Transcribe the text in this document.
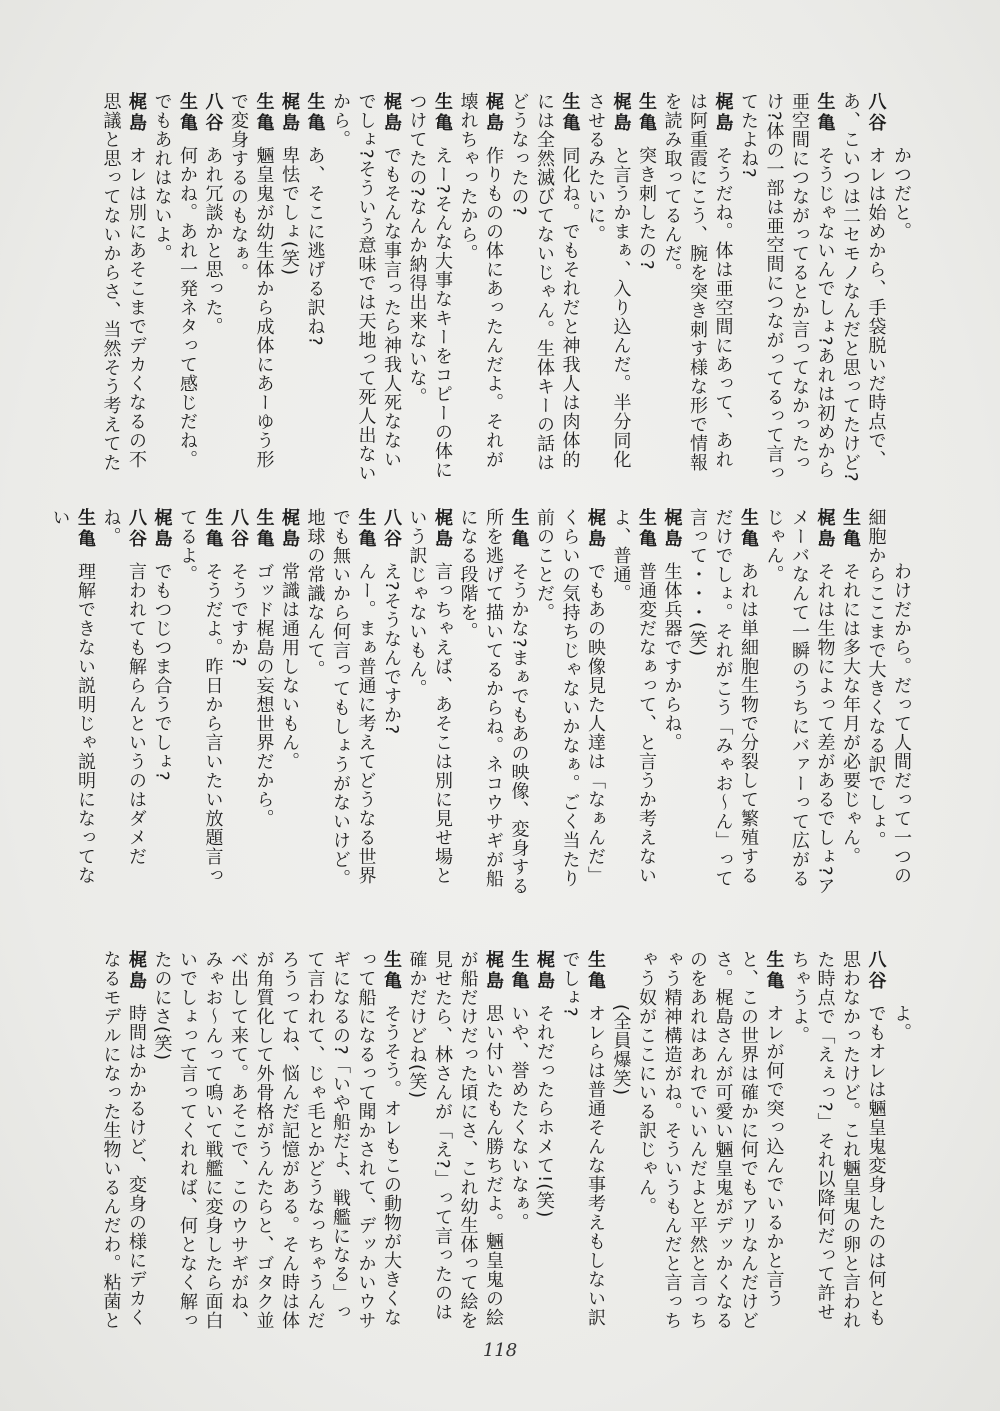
かつだと。
八谷オレは始めから、手袋脱いだ時点で、あ、こいつは二セモノなんだと思ってたけど?
生亀そうじゃないんでしょ?あれは初めから亜空間につながってるとか言ってなかったっけ?体の一部は亜空間につながってるって言ってたよね?
梶島そうだね。体は亜空間にあって、あれは阿重霞にこう、腕を突き刺す様な形で情報を読み取ってるんだ。
生亀突き刺したの?
梶島と言うかまぁ、入り込んだ。半分同化させるみたいに。
生亀同化ね。でもそれだと神我人は肉体的には全然滅びてないじゃん。生体キーの話はどうなったの?
梶島作りものの体にあったんだよ。それが壊れちゃったから。
生亀えー?そんな大事なキーをコピーの体につけてたの?なんか納得出来ないな。
梶島でもそんな事言ったら神我人死なないでしょ?そういう意味では天地って死人出ないから。
生亀あ、そこに逃げる訳ね?
梶島卑怯でしょ(笑)
生亀魎皇鬼が幼生体から成体にあーゆう形で変身するのもなぁ。
八谷あれ冗談かと思った。
生亀何かね。あれ一発ネタって感じだね。でもあれはないよ。
梶島オレは別にあそこまでデカくなるの不思議と思ってないからさ、当然そう考えてた
わけだから。だって人間だって一つの細胞からここまで大きくなる訳でしょ。
生亀それには多大な年月が必要じゃん。
梶島それは生物によって差があるでしょ?アメーバなんて一瞬のうちにバァーって広がるじゃん。
生亀あれは単細胞生物で分裂して繁殖するだけでしょ。それがこう「みゃお〜ん」って言って・・・(笑)
梶島生体兵器ですからね。
生亀普通変だなぁって、と言うか考えないよ、普通。
梶島でもあの映像見た人達は「なぁんだ」くらいの気持ちじゃないかなぁ。ごく当たり前のことだ。
生亀そうかな?まぁでもあの映像、変身する所を逃げて描いてるからね。ネコウサギが船になる段階を。
梶島言っちゃえば、あそこは別に見せ場という訳じゃないもん。
八谷え?そうなんですか?
生亀んー。まぁ普通に考えてどうなる世界でも無いから何言ってもしょうがないけど。地球の常識なんて。
梶島常識は通用しないもん。
生亀ゴッド梶島の妄想世界だから。
八谷そうですか?
生亀そうだよ。昨日から言いたい放題言ってるよ。
梶島でもつじつま合うでしょ?
八谷言われても解らんというのはダメだね。
生亀理解できない説明じゃ説明になってない
よ。
八谷でもオレは魎皇鬼変身したのは何とも思わなかったけど。これ魎皇鬼の卵と言われた時点で「えぇっ?」それ以降何だって許せちゃうよ。
生亀オレが何で突っ込んでいるかと言うと、この世界は確かに何でもアリなんだけどさ。梶島さんが可愛い魎皇鬼がデッかくなるのをあれはあれでいいんだよと平然と言っちゃう精神構造がね。そういうもんだと言っちゃう奴がここにいる訳じゃん。
(全員爆笑)
生亀オレらは普通そんな事考えもしない訳でしょ?
梶島それだったらホメて!(笑)
生亀いや、誉めたくないなぁ。
梶島思い付いたもん勝ちだよ。魎皇鬼の絵が船だけだった頃にさ、これ幼生体って絵を見せたら、林さんが「え?」って言ったのは確かだけどね(笑)
生亀そうそう。オレもこの動物が大きくなって船になるって聞かされて、デッかいウサギになるの?「いや船だよ、戦艦になる」って言われて、じゃ毛とかどうなっちゃうんだろうってね、悩んだ記憶がある。そん時は体が角質化して外骨格がうんたらと、ゴタク並べ出して来て。あそこで、このウサギがね、みゃお〜んって鳴いて戦艦に変身したら面白いでしょって言ってくれれば、何となく解ったのにさ(笑)
梶島時間はかかるけど、変身の様にデカくなるモデルになった生物いるんだわ。粘菌と
118
